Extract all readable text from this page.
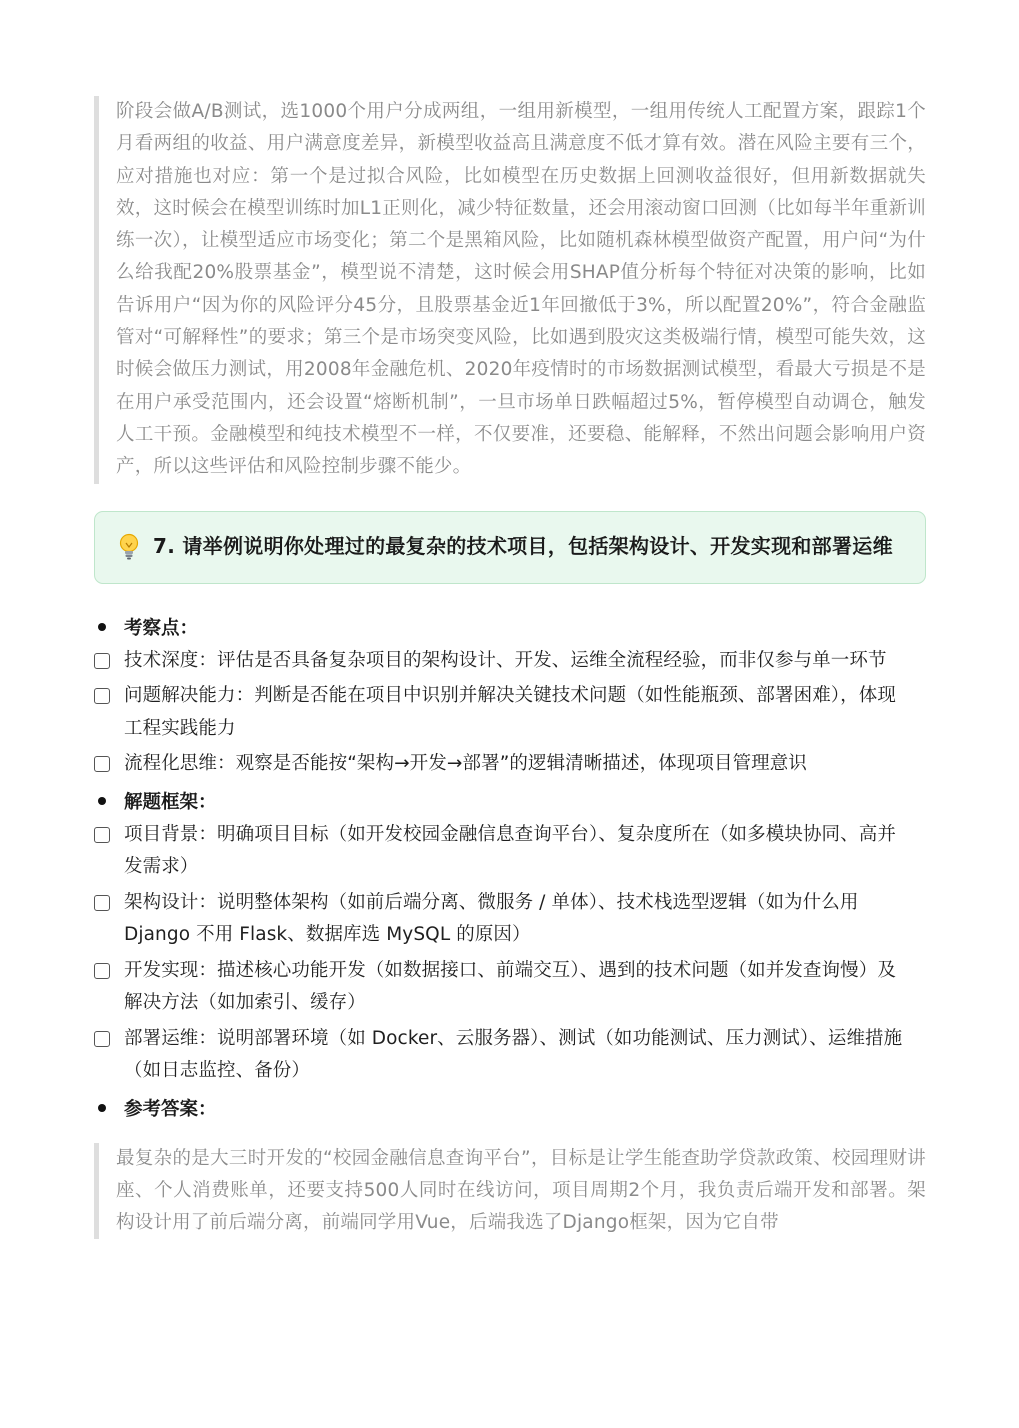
阶段会做A/B测试，选1000个用户分成两组，一组用新模型，一组用传统人工配置方案，跟踪1个月看两组的收益、用户满意度差异，新模型收益高且满意度不低才算有效。潜在风险主要有三个，应对措施也对应：第一个是过拟合风险，比如模型在历史数据上回测收益很好，但用新数据就失效，这时候会在模型训练时加L1正则化，减少特征数量，还会用滚动窗口回测（比如每半年重新训练一次），让模型适应市场变化；第二个是黑箱风险，比如随机森林模型做资产配置，用户问“为什么给我配20%股票基金”，模型说不清楚，这时候会用SHAP值分析每个特征对决策的影响，比如告诉用户“因为你的风险评分45分，且股票基金近1年回撤低于3%，所以配置20%”，符合金融监管对“可解释性”的要求；第三个是市场突变风险，比如遇到股灾这类极端行情，模型可能失效，这时候会做压力测试，用2008年金融危机、2020年疫情时的市场数据测试模型，看最大亏损是不是在用户承受范围内，还会设置“熔断机制”，一旦市场单日跌幅超过5%，暂停模型自动调仓，触发人工干预。金融模型和纯技术模型不一样，不仅要准，还要稳、能解释，不然出问题会影响用户资产，所以这些评估和风险控制步骤不能少。

7. 请举例说明你处理过的最复杂的技术项目，包括架构设计、开发实现和部署运维
考察点：
技术深度：评估是否具备复杂项目的架构设计、开发、运维全流程经验，而非仅参与单一环节
问题解决能力：判断是否能在项目中识别并解决关键技术问题（如性能瓶颈、部署困难），体现工程实践能力
流程化思维：观察是否能按“架构→开发→部署”的逻辑清晰描述，体现项目管理意识
解题框架：
项目背景：明确项目目标（如开发校园金融信息查询平台）、复杂度所在（如多模块协同、高并发需求）
架构设计：说明整体架构（如前后端分离、微服务 / 单体）、技术栈选型逻辑（如为什么用 Django 不用 Flask、数据库选 MySQL 的原因）
开发实现：描述核心功能开发（如数据接口、前端交互）、遇到的技术问题（如并发查询慢）及解决方法（如加索引、缓存）
部署运维：说明部署环境（如 Docker、云服务器）、测试（如功能测试、压力测试）、运维措施（如日志监控、备份）
参考答案：

最复杂的是大三时开发的“校园金融信息查询平台”，目标是让学生能查助学贷款政策、校园理财讲座、个人消费账单，还要支持500人同时在线访问，项目周期2个月，我负责后端开发和部署。架构设计用了前后端分离，前端同学用Vue，后端我选了Django框架，因为它自带
